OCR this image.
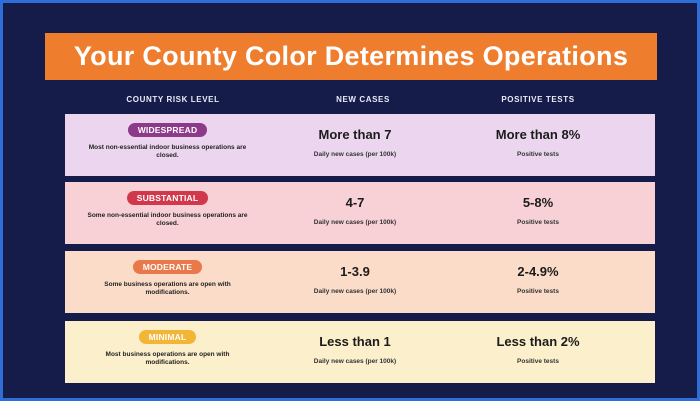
Your County Color Determines Operations
COUNTY RISK LEVEL	NEW CASES	POSITIVE TESTS
WIDESPREAD
Most non-essential indoor business operations are closed.
More than 7
Daily new cases (per 100k)
More than 8%
Positive tests
SUBSTANTIAL
Some non-essential indoor business operations are closed.
4-7
Daily new cases (per 100k)
5-8%
Positive tests
MODERATE
Some business operations are open with modifications.
1-3.9
Daily new cases (per 100k)
2-4.9%
Positive tests
MINIMAL
Most business operations are open with modifications.
Less than 1
Daily new cases (per 100k)
Less than 2%
Positive tests
